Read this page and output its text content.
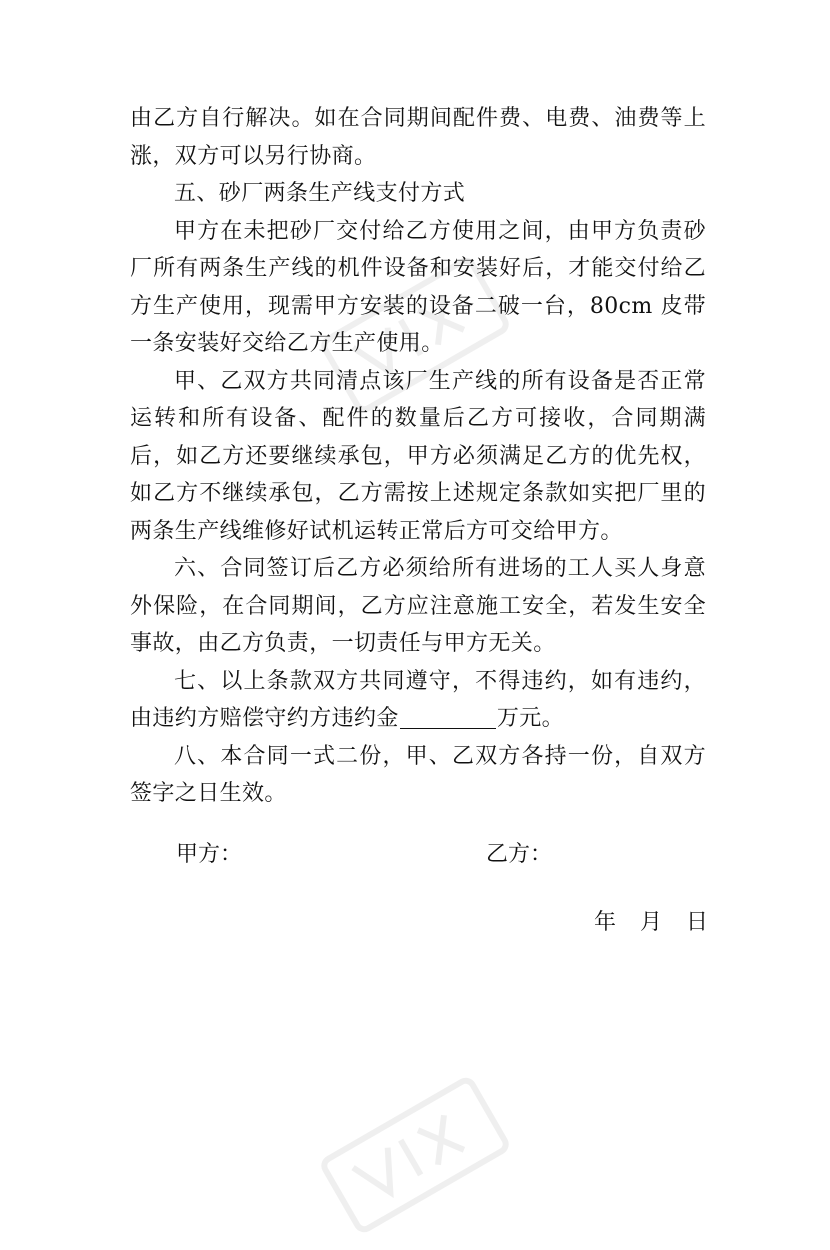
由乙方自行解决。如在合同期间配件费、电费、油费等上涨，双方可以另行协商。

五、砂厂两条生产线支付方式

甲方在未把砂厂交付给乙方使用之间，由甲方负责砂厂所有两条生产线的机件设备和安装好后，才能交付给乙方生产使用，现需甲方安装的设备二破一台，80cm 皮带一条安装好交给乙方生产使用。

甲、乙双方共同清点该厂生产线的所有设备是否正常运转和所有设备、配件的数量后乙方可接收，合同期满后，如乙方还要继续承包，甲方必须满足乙方的优先权，如乙方不继续承包，乙方需按上述规定条款如实把厂里的两条生产线维修好试机运转正常后方可交给甲方。

六、合同签订后乙方必须给所有进场的工人买人身意外保险，在合同期间，乙方应注意施工安全，若发生安全事故，由乙方负责，一切责任与甲方无关。

七、以上条款双方共同遵守，不得违约，如有违约，由违约方赔偿守约方违约金	万元。

八、本合同一式二份，甲、乙双方各持一份，自双方签字之日生效。

甲方：	乙方：
年 月 日
